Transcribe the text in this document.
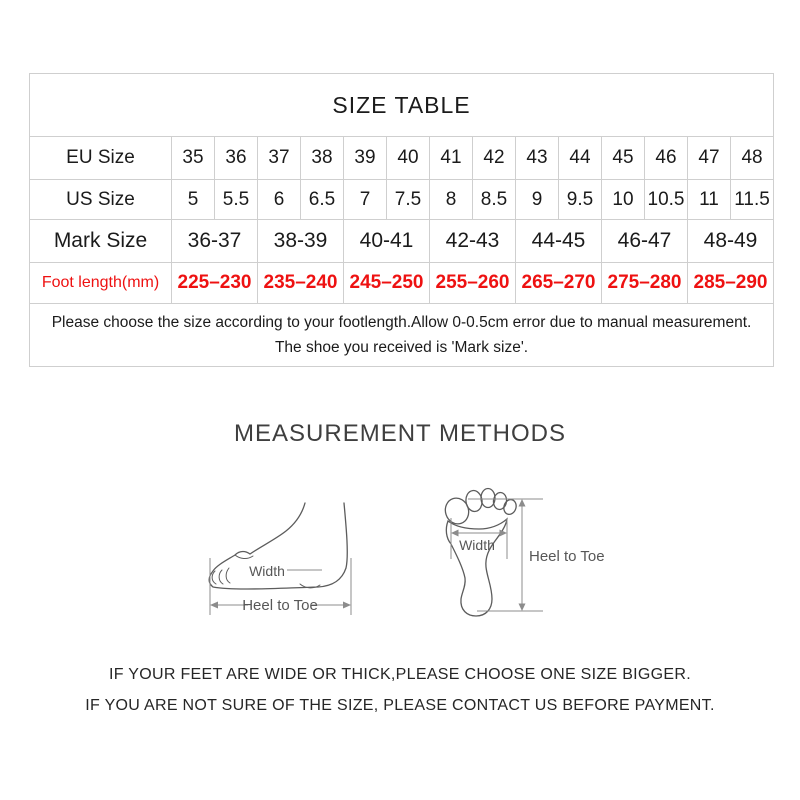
SIZE TABLE														
EU Size	35	36	37	38	39	40	41	42	43	44	45	46	47	48
US Size	5	5.5	6	6.5	7	7.5	8	8.5	9	9.5	10	10.5	11	11.5
Mark Size	36-37		38-39		40-41		42-43		44-45		46-47		48-49	
Foot length(mm)	225–230		235–240		245–250		255–260		265–270		275–280		285–290	

Please choose the size according to your footlength.Allow 0-0.5cm error due to manual measurement.
The shoe you received is 'Mark size'.														
MEASUREMENT METHODS
Width
Heel to Toe
Width
Heel to Toe
IF YOUR FEET ARE WIDE OR THICK,PLEASE CHOOSE ONE SIZE BIGGER.
IF YOU ARE NOT SURE OF THE SIZE, PLEASE CONTACT US BEFORE PAYMENT.
